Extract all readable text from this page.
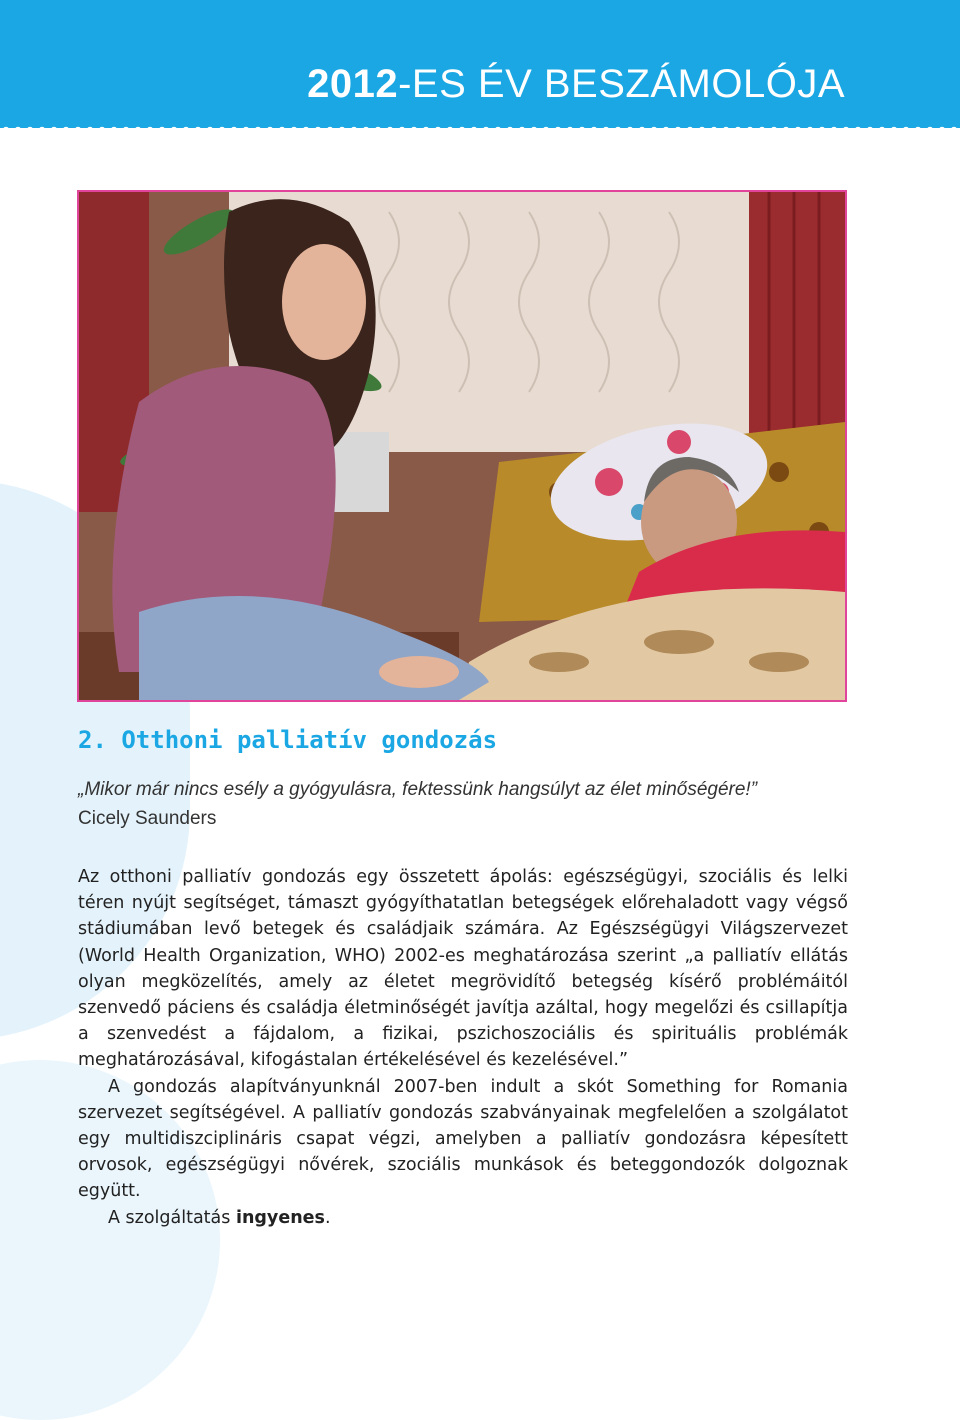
2012-ES ÉV BESZÁMOLÓJA
2. Otthoni palliatív gondozás
„Mikor már nincs esély a gyógyulásra, fektessünk hangsúlyt az élet minőségére!”
Cicely Saunders

Az otthoni palliatív gondozás egy összetett ápolás: egészségügyi, szociális és lelki téren nyújt segítséget, támaszt gyógyíthatatlan betegségek előrehaladott vagy végső stádiumában levő betegek és családjaik számára. Az Egészségügyi Világszervezet (World Health Organization, WHO) 2002-es meghatározása szerint „a palliatív ellátás olyan megközelítés, amely az életet megrövidítő betegség kísérő problémáitól szenvedő páciens és családja életminőségét javítja azáltal, hogy megelőzi és csillapítja a szenvedést a fájdalom, a fizikai, pszichoszociális és spirituális problémák meghatározásával, kifogástalan értékelésével és kezelésével.”

A gondozás alapítványunknál 2007-ben indult a skót Something for Romania szervezet segítségével. A palliatív gondozás szabványainak megfelelően a szolgálatot egy multidiszciplináris csapat végzi, amelyben a palliatív gondozásra képesített orvosok, egészségügyi nővérek, szociális munkások és beteggondozók dolgoznak együtt.

A szolgáltatás ingyenes.
